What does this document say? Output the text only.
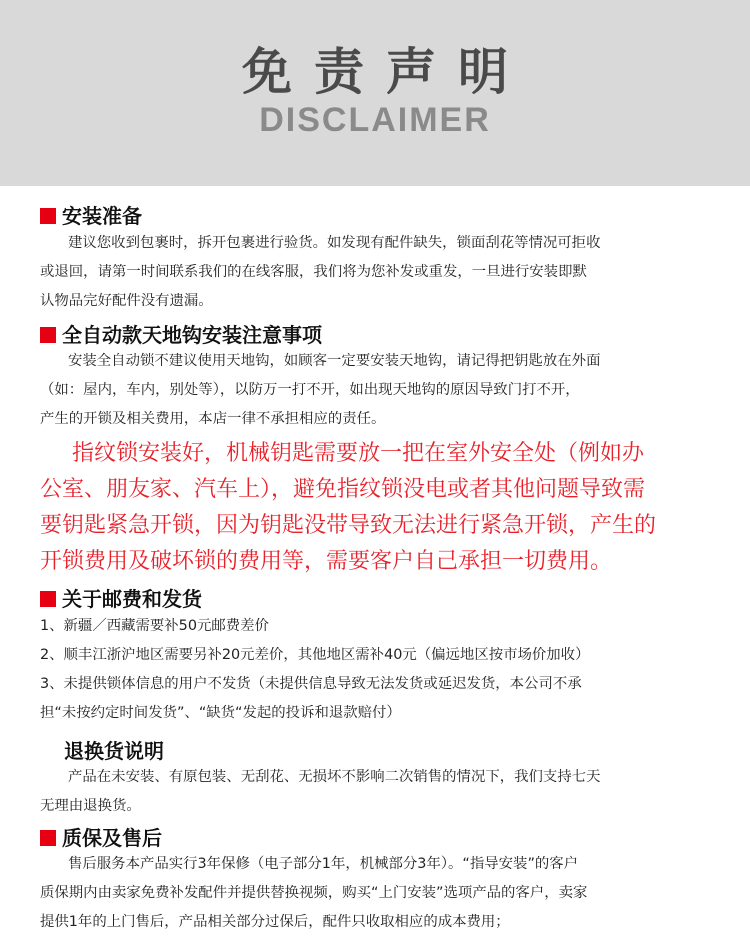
免责声明
DISCLAIMER
安装准备

建议您收到包裹时，拆开包裹进行验货。如发现有配件缺失，锁面刮花等情况可拒收

或退回，请第一时间联系我们的在线客服，我们将为您补发或重发，一旦进行安装即默

认物品完好配件没有遗漏。

全自动款天地钩安装注意事项

安装全自动锁不建议使用天地钩，如顾客一定要安装天地钩，请记得把钥匙放在外面

（如：屋内，车内，别处等），以防万一打不开，如出现天地钩的原因导致门打不开，

产生的开锁及相关费用，本店一律不承担相应的责任。

指纹锁安装好，机械钥匙需要放一把在室外安全处（例如办

公室、朋友家、汽车上），避免指纹锁没电或者其他问题导致需

要钥匙紧急开锁，因为钥匙没带导致无法进行紧急开锁，产生的

开锁费用及破坏锁的费用等，需要客户自己承担一切费用。

关于邮费和发货

1、新疆／西藏需要补50元邮费差价

2、顺丰江浙沪地区需要另补20元差价，其他地区需补40元（偏远地区按市场价加收）

3、未提供锁体信息的用户不发货（未提供信息导致无法发货或延迟发货，本公司不承

担“未按约定时间发货”、“缺货“发起的投诉和退款赔付）

退换货说明

产品在未安装、有原包装、无刮花、无损坏不影响二次销售的情况下，我们支持七天

无理由退换货。

质保及售后

售后服务本产品实行3年保修（电子部分1年，机械部分3年）。“指导安装”的客户

质保期内由卖家免费补发配件并提供替换视频，购买“上门安装”选项产品的客户，卖家

提供1年的上门售后，产品相关部分过保后，配件只收取相应的成本费用；
